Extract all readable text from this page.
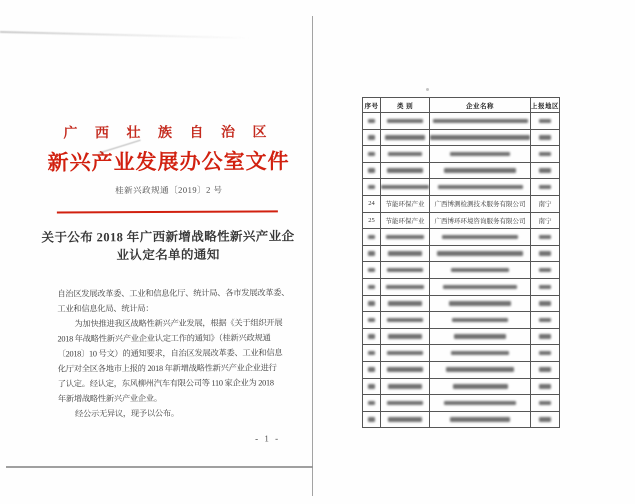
广 西 壮 族 自 治 区
新兴产业发展办公室文件
桂新兴政规通〔2019〕2 号
关于公布 2018 年广西新增战略性新兴产业企
业认定名单的通知
自治区发展改革委、工业和信息化厅、统计局、各市发展改革委、
工业和信息化局、统计局：
为加快推进我区战略性新兴产业发展，根据《关于组织开展
2018 年战略性新兴产业企业认定工作的通知》（桂新兴政规通
〔2018〕10 号文）的通知要求，自治区发展改革委、工业和信息
化厅对全区各地市上报的 2018 年新增战略性新兴产业企业进行
了认定。经认定，东风柳州汽车有限公司等 110 家企业为 2018
年新增战略性新兴产业企业。
经公示无异议，现予以公布。
- 1 -
序号	类 别	企业名称	上报地区

24	节能环保产业	广西博测检测技术服务有限公司	南宁
25	节能环保产业	广西博环环境咨询服务有限公司	南宁
